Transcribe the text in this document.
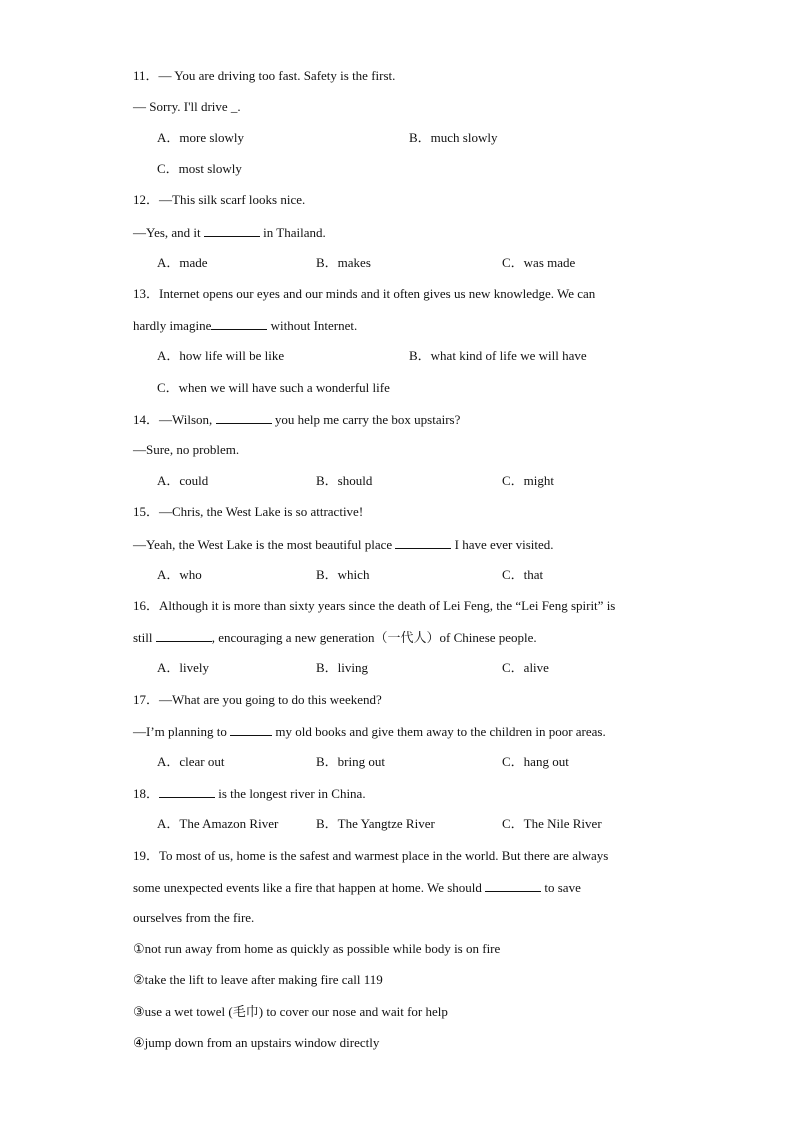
11．— You are driving too fast. Safety is the first.
— Sorry. I'll drive _.
A．more slowly	B．much slowly
C．most slowly
12．—This silk scarf looks nice.
—Yes, and it	in Thailand.
A．made	B．makes	C．was made
13．Internet opens our eyes and our minds and it often gives us new knowledge. We can
hardly imagine	without Internet.
A．how life will be like	B．what kind of life we will have
C．when we will have such a wonderful life
14．—Wilson,	you help me carry the box upstairs?
—Sure, no problem.
A．could	B．should	C．might
15．—Chris, the West Lake is so attractive!
—Yeah, the West Lake is the most beautiful place	I have ever visited.
A．who	B．which	C．that
16．Although it is more than sixty years since the death of Lei Feng, the “Lei Feng spirit” is
still	, encouraging a new generation（一代人）of Chinese people.
A．lively	B．living	C．alive
17．—What are you going to do this weekend?
—I’m planning to	my old books and give them away to the children in poor areas.
A．clear out	B．bring out	C．hang out
18．	is the longest river in China.
A．The Amazon River	B．The Yangtze River	C．The Nile River
19．To most of us, home is the safest and warmest place in the world. But there are always
some unexpected events like a fire that happen at home. We should	to save
ourselves from the fire.
①not run away from home as quickly as possible while body is on fire
②take the lift to leave after making fire call 119
③use a wet towel (毛巾) to cover our nose and wait for help
④jump down from an upstairs window directly
